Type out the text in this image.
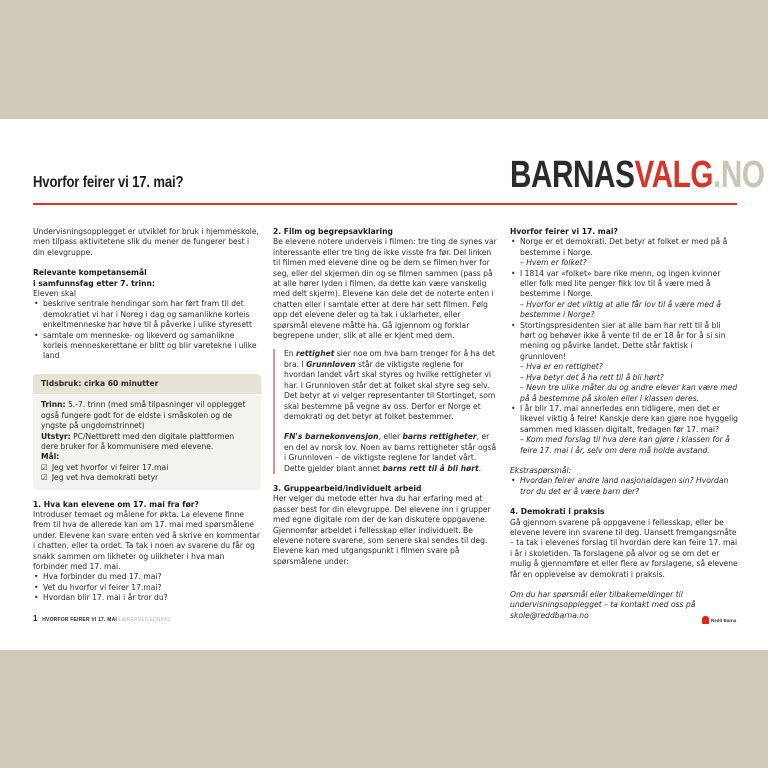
Hvorfor feirer vi 17. mai?	BARNASVALG.NO

Undervisningsopplegget er utviklet for bruk i hjemmeskole, men tilpass aktivitetene slik du mener de fungerer best i din elevgruppe.

Relevante kompetansemål

i samfunnsfag etter 7. trinn:

Eleven skal

• beskrive sentrale hendingar som har ført fram til det demokratiet vi har i Noreg i dag og samanlikne korleis enkeltmenneske har høve til å påverke i ulike styresett
• samtale om menneske- og likeverd og samanlikne korleis menneskerettane er blitt og blir varetekne i ulike land
Tidsbruk: cirka 60 minutter

Trinn: 5.-7. trinn (med små tilpasninger vil opplegget også fungere godt for de eldste i småskolen og de yngste på ungdomstrinnet)

Utstyr: PC/Nettbrett med den digitale plattformen dere bruker for å kommunisere med elevene.

Mål:

☑ Jeg vet hvorfor vi feirer 17.mai

☑ Jeg vet hva demokrati betyr

1. Hva kan elevene om 17. mai fra før?

Introduser temaet og målene for økta. La elevene finne frem til hva de allerede kan om 17. mai med spørsmålene under. Elevene kan svare enten ved å skrive en kommentar i chatten, eller ta ordet. Ta tak i noen av svarene du får og snakk sammen om likheter og ulikheter i hva man forbinder med 17. mai.

• Hva forbinder du med 17. mai?
• Vet du hvorfor vi feirer 17.mai?
• Hvordan blir 17. mai i år tror du?

2. Film og begrepsavklaring

Be elevene notere underveis i filmen: tre ting de synes var interessante eller tre ting de ikke visste fra før. Del linken til filmen med elevene dine og be dem se filmen hver for seg, eller del skjermen din og se filmen sammen (pass på at alle hører lyden i filmen, da dette kan være vanskelig med delt skjerm). Elevene kan dele det de noterte enten i chatten eller i samtale etter at dere har sett filmen. Følg opp det elevene deler og ta tak i uklarheter, eller spørsmål elevene måtte ha. Gå igjennom og forklar begrepene under, slik at alle er kjent med dem.

En rettighet sier noe om hva barn trenger for å ha det bra. I Grunnloven står de viktigste reglene for hvordan landet vårt skal styres og hvilke rettigheter vi har. I Grunnloven står det at folket skal styre seg selv. Det betyr at vi velger representanter til Stortinget, som skal bestemme på vegne av oss. Derfor er Norge et demokrati og det betyr at folket bestemmer.

FN's barnekonvensjon, eller barns rettigheter, er en del av norsk lov. Noen av barns rettigheter står også i Grunnloven – de viktigste reglene for landet vårt. Dette gjelder blant annet barns rett til å bli hørt.

3. Gruppearbeid/individuelt arbeid

Her velger du metode etter hva du har erfaring med at passer best for din elevgruppe. Del elevene inn i grupper med egne digitale rom der de kan diskutere oppgavene. Gjennomfør arbeidet i fellesskap eller individuelt. Be elevene notere svarene, som senere skal sendes til deg. Elevene kan med utgangspunkt i filmen svare på spørsmålene under:

Hvorfor feirer vi 17. mai?

• Norge er et demokrati. Det betyr at folket er med på å bestemme i Norge.
– Hvem er folket?
• I 1814 var «folket» bare rike menn, og ingen kvinner eller folk med lite penger fikk lov til å være med å bestemme i Norge.
– Hvorfor er det viktig at alle får lov til å være med å bestemme i Norge?
• Stortingspresidenten sier at alle barn har rett til å bli hørt og behøver ikke å vente til de er 18 år for å si sin mening og påvirke landet. Dette står faktisk i grunnloven!
– Hva er en rettighet?
– Hva betyr det å ha rett til å bli hørt?
– Nevn tre ulike måter du og andre elever kan være med på å bestemme på skolen eller i klassen deres.
• I år blir 17. mai annerledes enn tidligere, men det er likevel viktig å feire! Kanskje dere kan gjøre noe hyggelig sammen med klassen digitalt, fredagen før 17. mai?
– Kom med forslag til hva dere kan gjøre i klassen for å feire 17. mai i år, selv om dere må holde avstand.

Ekstraspørsmål:

• Hvordan feirer andre land nasjonaldagen sin? Hvordan tror du det er å være barn der?

4. Demokrati i praksis

Gå gjennom svarene på oppgavene i fellesskap, eller be elevene levere inn svarene til deg. Uansett fremgangsmåte – ta tak i elevenes forslag til hvordan dere kan feire 17. mai i år i skoletiden. Ta forslagene på alvor og se om det er mulig å gjennomføre et eller flere av forslagene, så elevene får en opplevelse av demokrati i praksis.

Om du har spørsmål eller tilbakemeldinger til undervisningsopplegget – ta kontakt med oss på skole@reddbarna.no

1 HVORFOR FEIRER VI 17. MAI LÆRERVEILEDNING	Redd Barna
